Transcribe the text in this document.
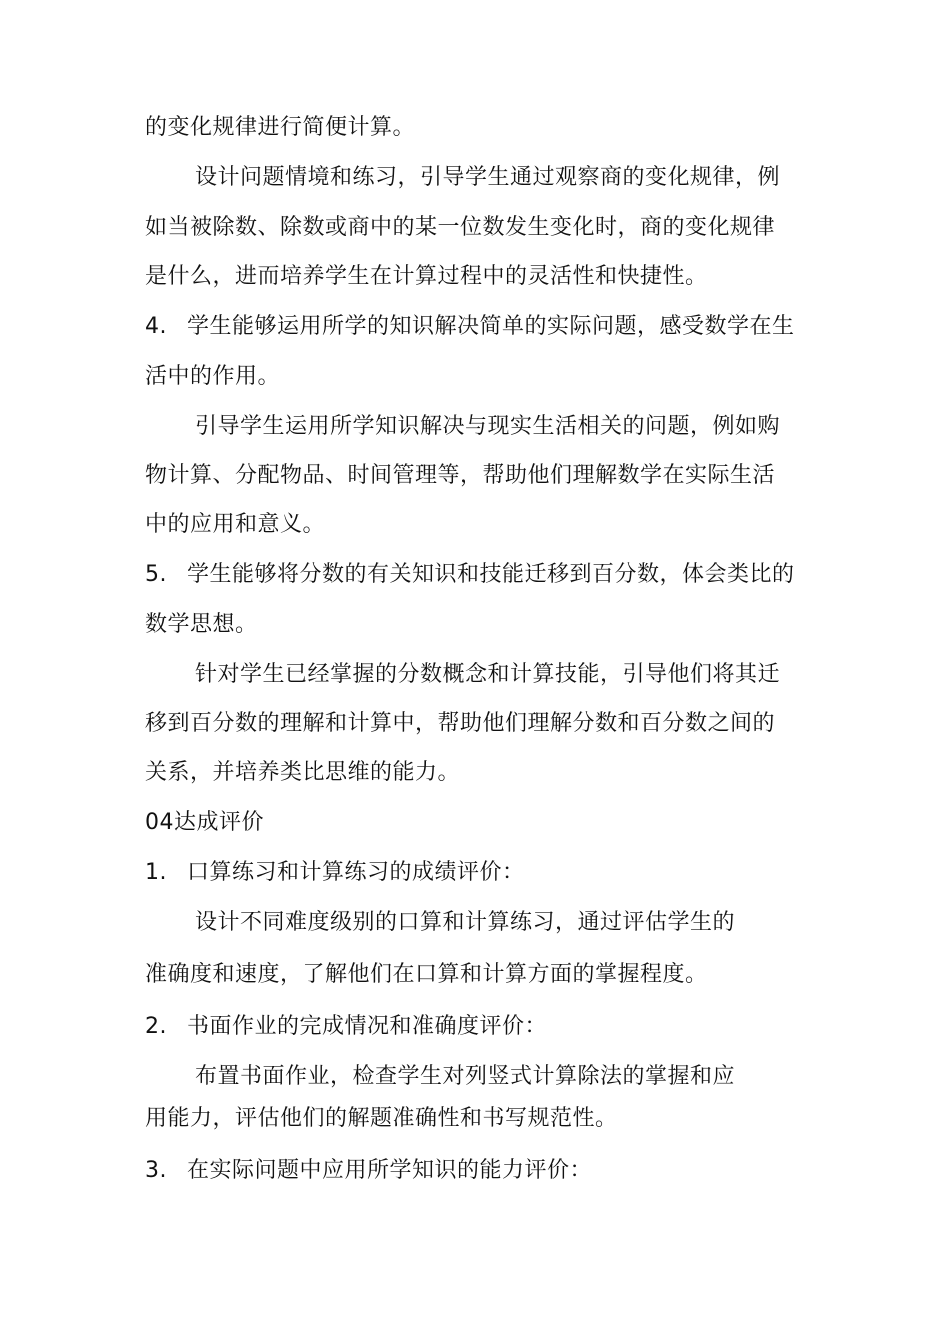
的变化规律进行简便计算。
设计问题情境和练习，引导学生通过观察商的变化规律，例
如当被除数、除数或商中的某一位数发生变化时，商的变化规律
是什么，进而培养学生在计算过程中的灵活性和快捷性。
4. 学生能够运用所学的知识解决简单的实际问题，感受数学在生
活中的作用。
引导学生运用所学知识解决与现实生活相关的问题，例如购
物计算、分配物品、时间管理等，帮助他们理解数学在实际生活
中的应用和意义。
5. 学生能够将分数的有关知识和技能迁移到百分数，体会类比的
数学思想。
针对学生已经掌握的分数概念和计算技能，引导他们将其迁
移到百分数的理解和计算中，帮助他们理解分数和百分数之间的
关系，并培养类比思维的能力。
04达成评价
1. 口算练习和计算练习的成绩评价：
设计不同难度级别的口算和计算练习，通过评估学生的
准确度和速度，了解他们在口算和计算方面的掌握程度。
2. 书面作业的完成情况和准确度评价：
布置书面作业，检查学生对列竖式计算除法的掌握和应
用能力，评估他们的解题准确性和书写规范性。
3. 在实际问题中应用所学知识的能力评价：
